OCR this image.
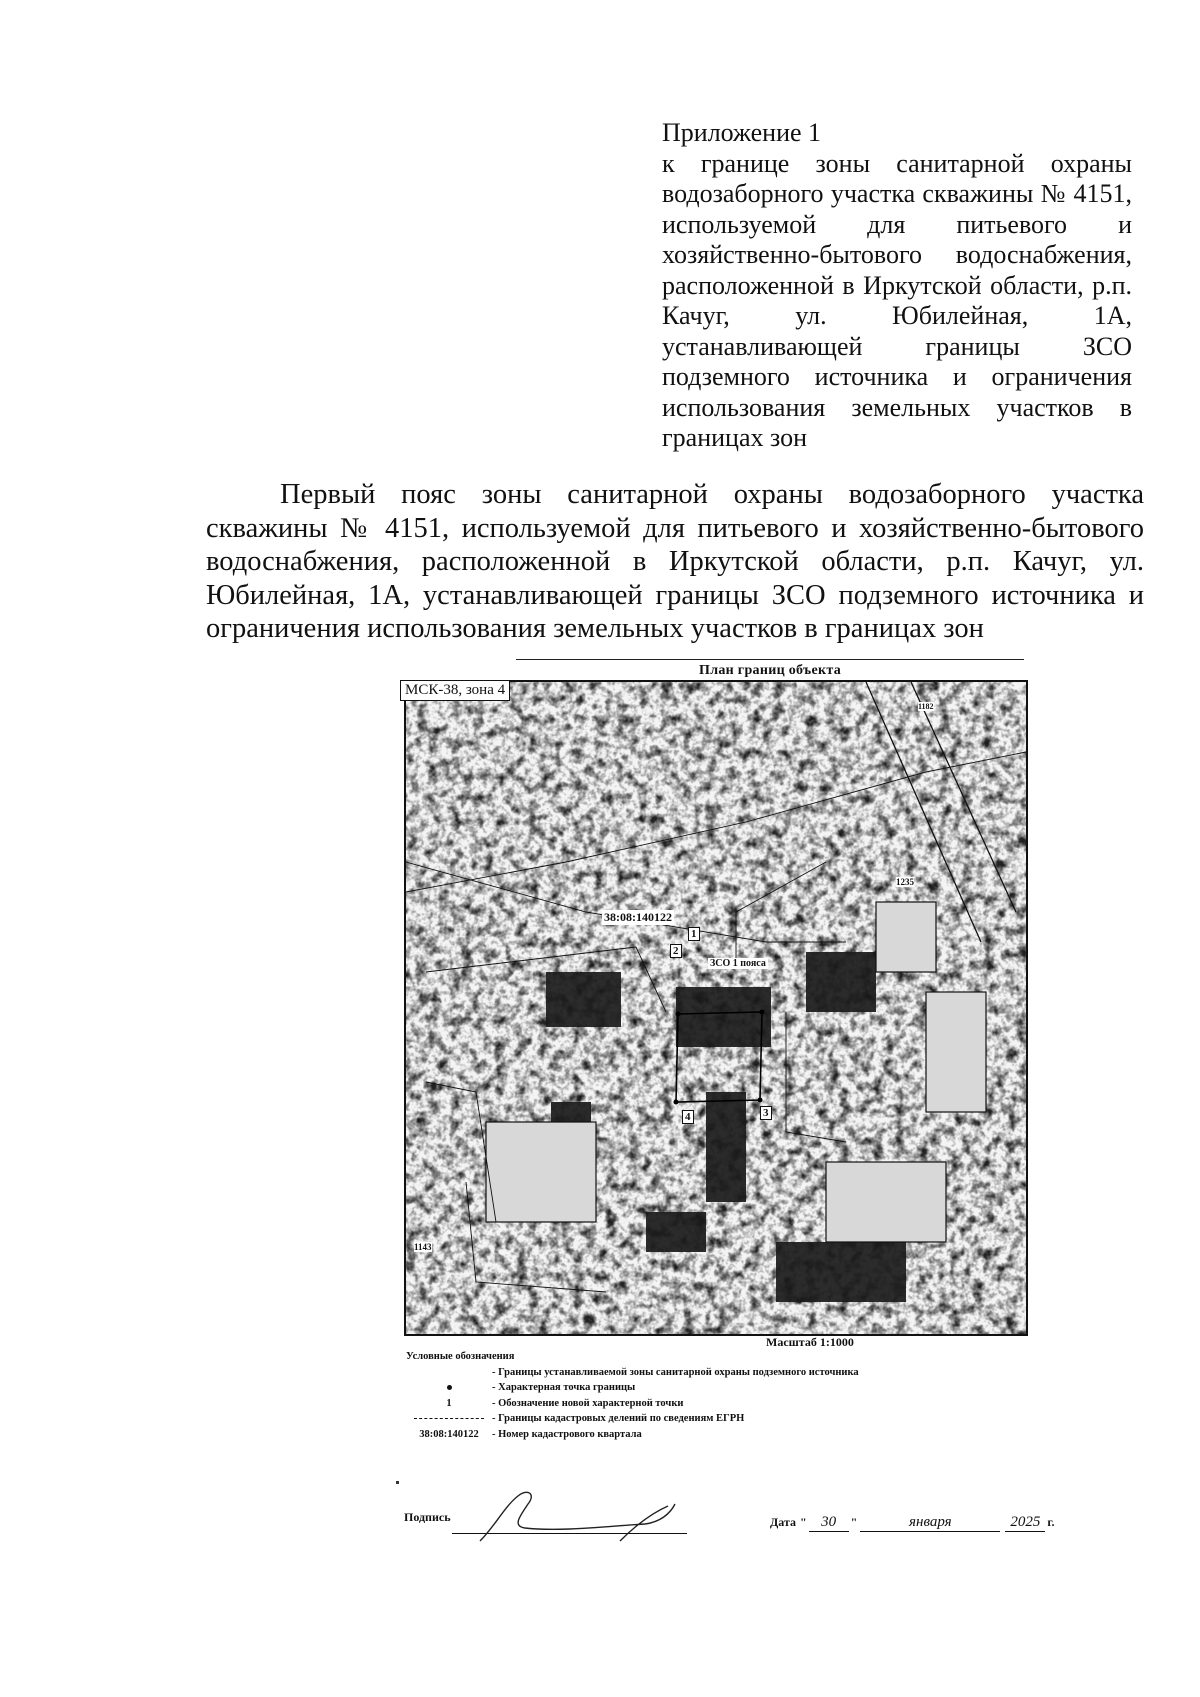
Приложение 1
к границе зоны санитарной охраны водозаборного участка скважины № 4151, используемой для питьевого и хозяйственно-бытового водоснабжения, расположенной в Иркутской области, р.п. Качуг, ул. Юбилейная, 1А, устанавливающей границы ЗСО подземного источника и ограничения использования земельных участков в границах зон

Первый пояс зоны санитарной охраны водозаборного участка скважины № 4151, используемой для питьевого и хозяйственно-бытового водоснабжения, расположенной в Иркутской области, р.п. Качуг, ул. Юбилейная, 1А, устанавливающей границы ЗСО подземного источника и ограничения использования земельных участков в границах зон

План границ объекта
38:08:140122
ЗСО 1 пояса
1235
1143
1182
1
2
3
4
МСК-38, зона 4
Масштаб 1:1000
Условные обозначения
- Границы устанавливаемой зоны санитарной охраны подземного источника
- Характерная точка границы
1	- Обозначение новой характерной точки
- Границы кадастровых делений по сведениям ЕГРН
38:08:140122	- Номер кадастрового квартала
Подпись	Дата " 30	"	января	2025 г.
